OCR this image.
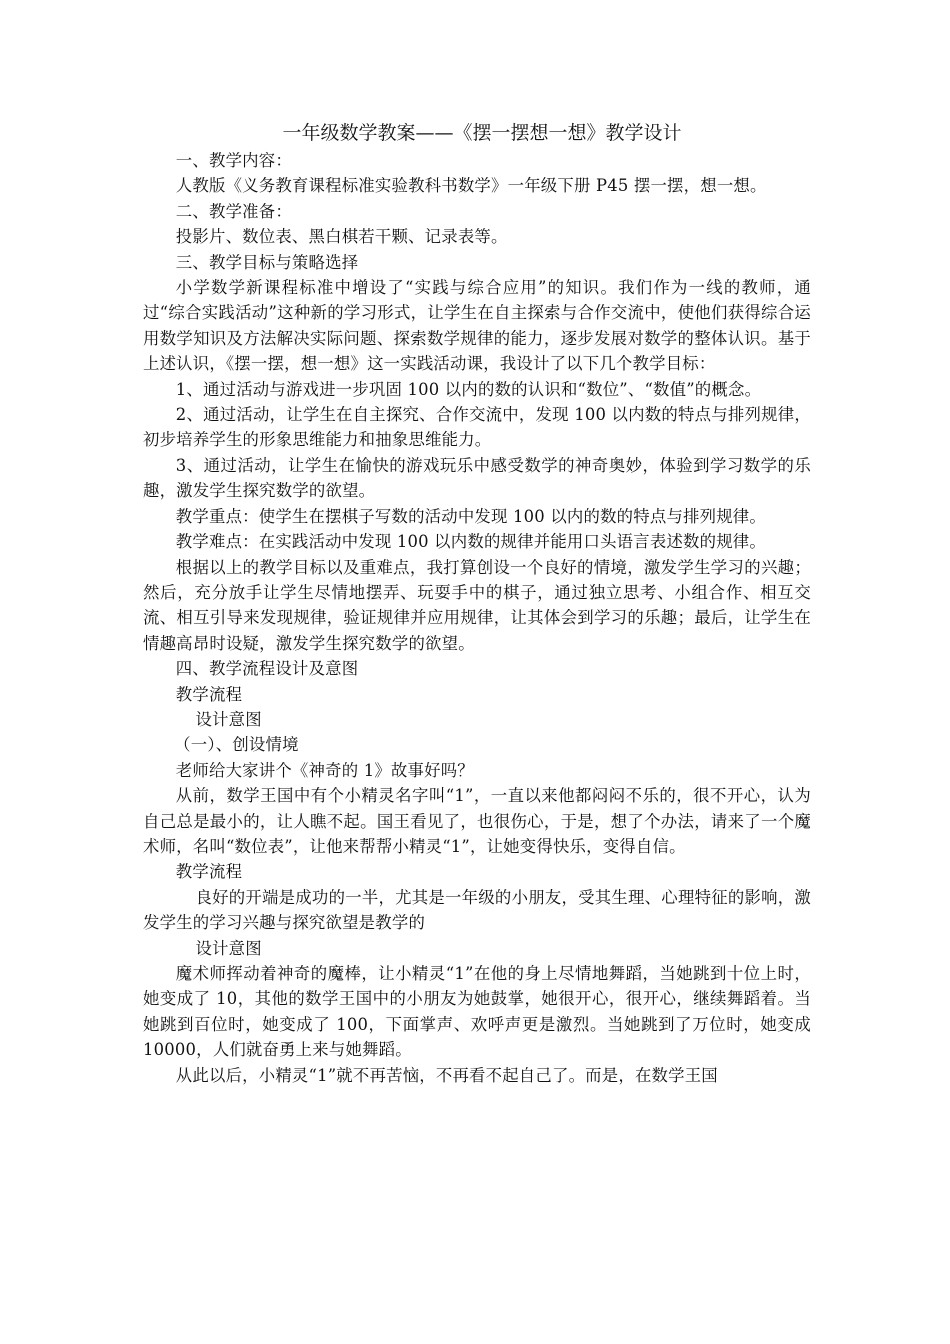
一年级数学教案——《摆一摆想一想》教学设计

一、教学内容：

人教版《义务教育课程标准实验教科书数学》一年级下册 P45 摆一摆，想一想。

二、教学准备：

投影片、数位表、黑白棋若干颗、记录表等。

三、教学目标与策略选择

小学数学新课程标准中增设了“实践与综合应用”的知识。我们作为一线的教师，通过“综合实践活动”这种新的学习形式，让学生在自主探索与合作交流中，使他们获得综合运用数学知识及方法解决实际问题、探索数学规律的能力，逐步发展对数学的整体认识。基于上述认识，《摆一摆，想一想》这一实践活动课，我设计了以下几个教学目标：

1、通过活动与游戏进一步巩固 100 以内的数的认识和“数位”、“数值”的概念。

2、通过活动，让学生在自主探究、合作交流中，发现 100 以内数的特点与排列规律，初步培养学生的形象思维能力和抽象思维能力。

3、通过活动，让学生在愉快的游戏玩乐中感受数学的神奇奥妙，体验到学习数学的乐趣，激发学生探究数学的欲望。

教学重点：使学生在摆棋子写数的活动中发现 100 以内的数的特点与排列规律。

教学难点：在实践活动中发现 100 以内数的规律并能用口头语言表述数的规律。

根据以上的教学目标以及重难点，我打算创设一个良好的情境，激发学生学习的兴趣；然后，充分放手让学生尽情地摆弄、玩耍手中的棋子，通过独立思考、小组合作、相互交流、相互引导来发现规律，验证规律并应用规律，让其体会到学习的乐趣；最后，让学生在情趣高昂时设疑，激发学生探究数学的欲望。

四、教学流程设计及意图

教学流程

设计意图

（一）、创设情境

老师给大家讲个《神奇的 1》故事好吗？

从前，数学王国中有个小精灵名字叫“1”，一直以来他都闷闷不乐的，很不开心，认为自己总是最小的，让人瞧不起。国王看见了，也很伤心，于是，想了个办法，请来了一个魔术师，名叫“数位表”，让他来帮帮小精灵“1”，让她变得快乐，变得自信。

教学流程

良好的开端是成功的一半，尤其是一年级的小朋友，受其生理、心理特征的影响，激发学生的学习兴趣与探究欲望是教学的

设计意图

魔术师挥动着神奇的魔棒，让小精灵“1”在他的身上尽情地舞蹈，当她跳到十位上时，她变成了 10，其他的数学王国中的小朋友为她鼓掌，她很开心，很开心，继续舞蹈着。当她跳到百位时，她变成了 100，下面掌声、欢呼声更是激烈。当她跳到了万位时，她变成 10000，人们就奋勇上来与她舞蹈。

从此以后，小精灵“1”就不再苦恼，不再看不起自己了。而是，在数学王国
